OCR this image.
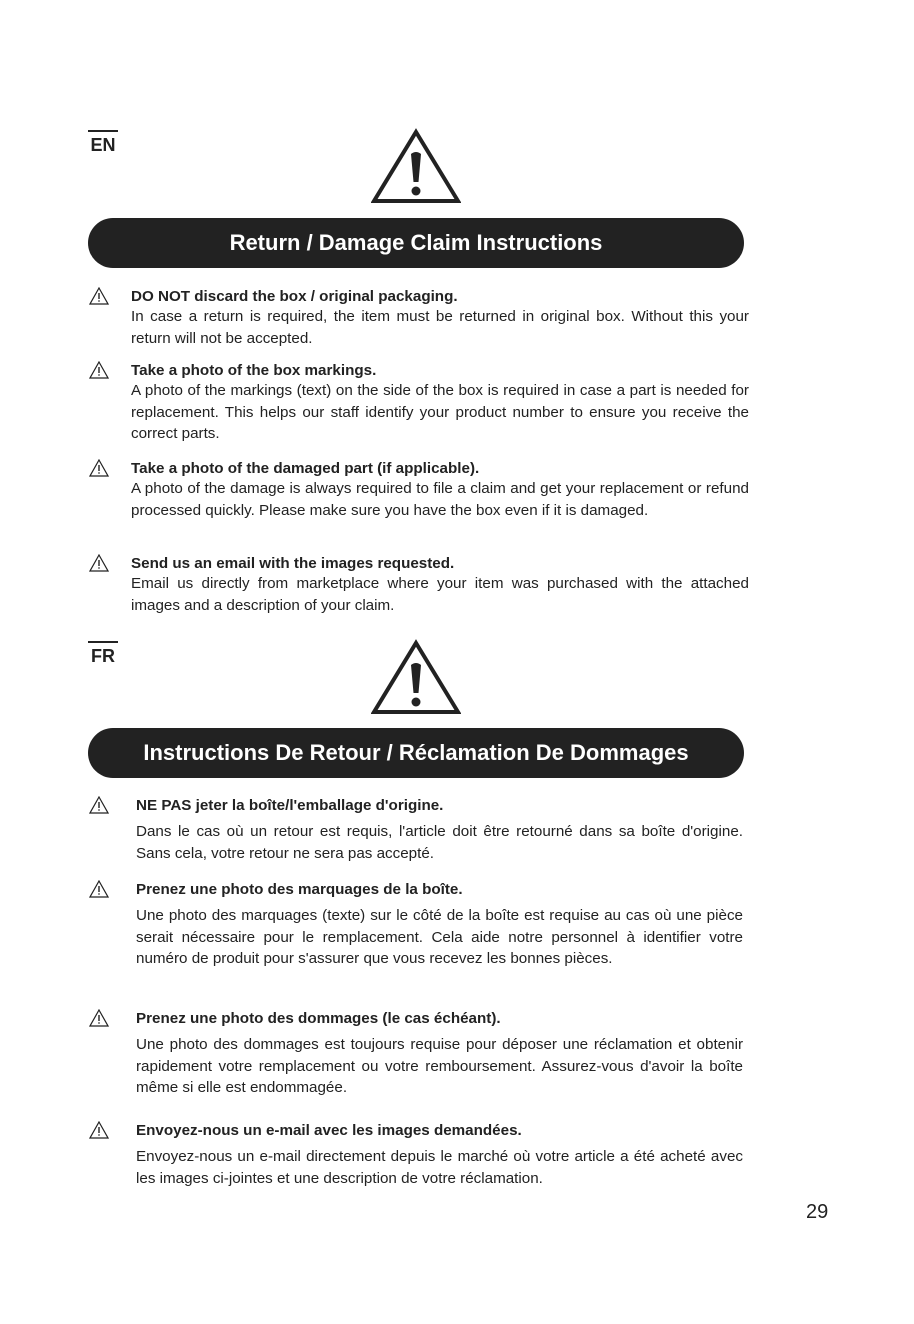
EN
Return / Damage Claim Instructions
DO NOT discard the box / original packaging.
In case a return is required, the item must be returned in original box. Without this your return will not be accepted.
Take a photo of the box markings.
A photo of the markings (text) on the side of the box is required in case a part is needed for replacement. This helps our staff identify your product number to ensure you receive the correct parts.
Take a photo of the damaged part (if applicable).
A photo of the damage is always required to file a claim and get your replacement or refund processed quickly. Please make sure you have the box even if it is damaged.
Send us an email with the images requested.
Email us directly from marketplace where your item was purchased with the attached images and a description of your claim.
FR
Instructions De Retour / Réclamation De Dommages
NE PAS jeter la boîte/l'emballage d'origine.
Dans le cas où un retour est requis, l'article doit être retourné dans sa boîte d'origine. Sans cela, votre retour ne sera pas accepté.
Prenez une photo des marquages de la boîte.
Une photo des marquages (texte) sur le côté de la boîte est requise au cas où une pièce serait nécessaire pour le remplacement. Cela aide notre personnel à identifier votre numéro de produit pour s'assurer que vous recevez les bonnes pièces.
Prenez une photo des dommages (le cas échéant).
Une photo des dommages est toujours requise pour déposer une réclamation et obtenir rapidement votre remplacement ou votre remboursement. Assurez-vous d'avoir la boîte même si elle est endommagée.
Envoyez-nous un e-mail avec les images demandées.
Envoyez-nous un e-mail directement depuis le marché où votre article a été acheté avec les images ci-jointes et une description de votre réclamation.
29
